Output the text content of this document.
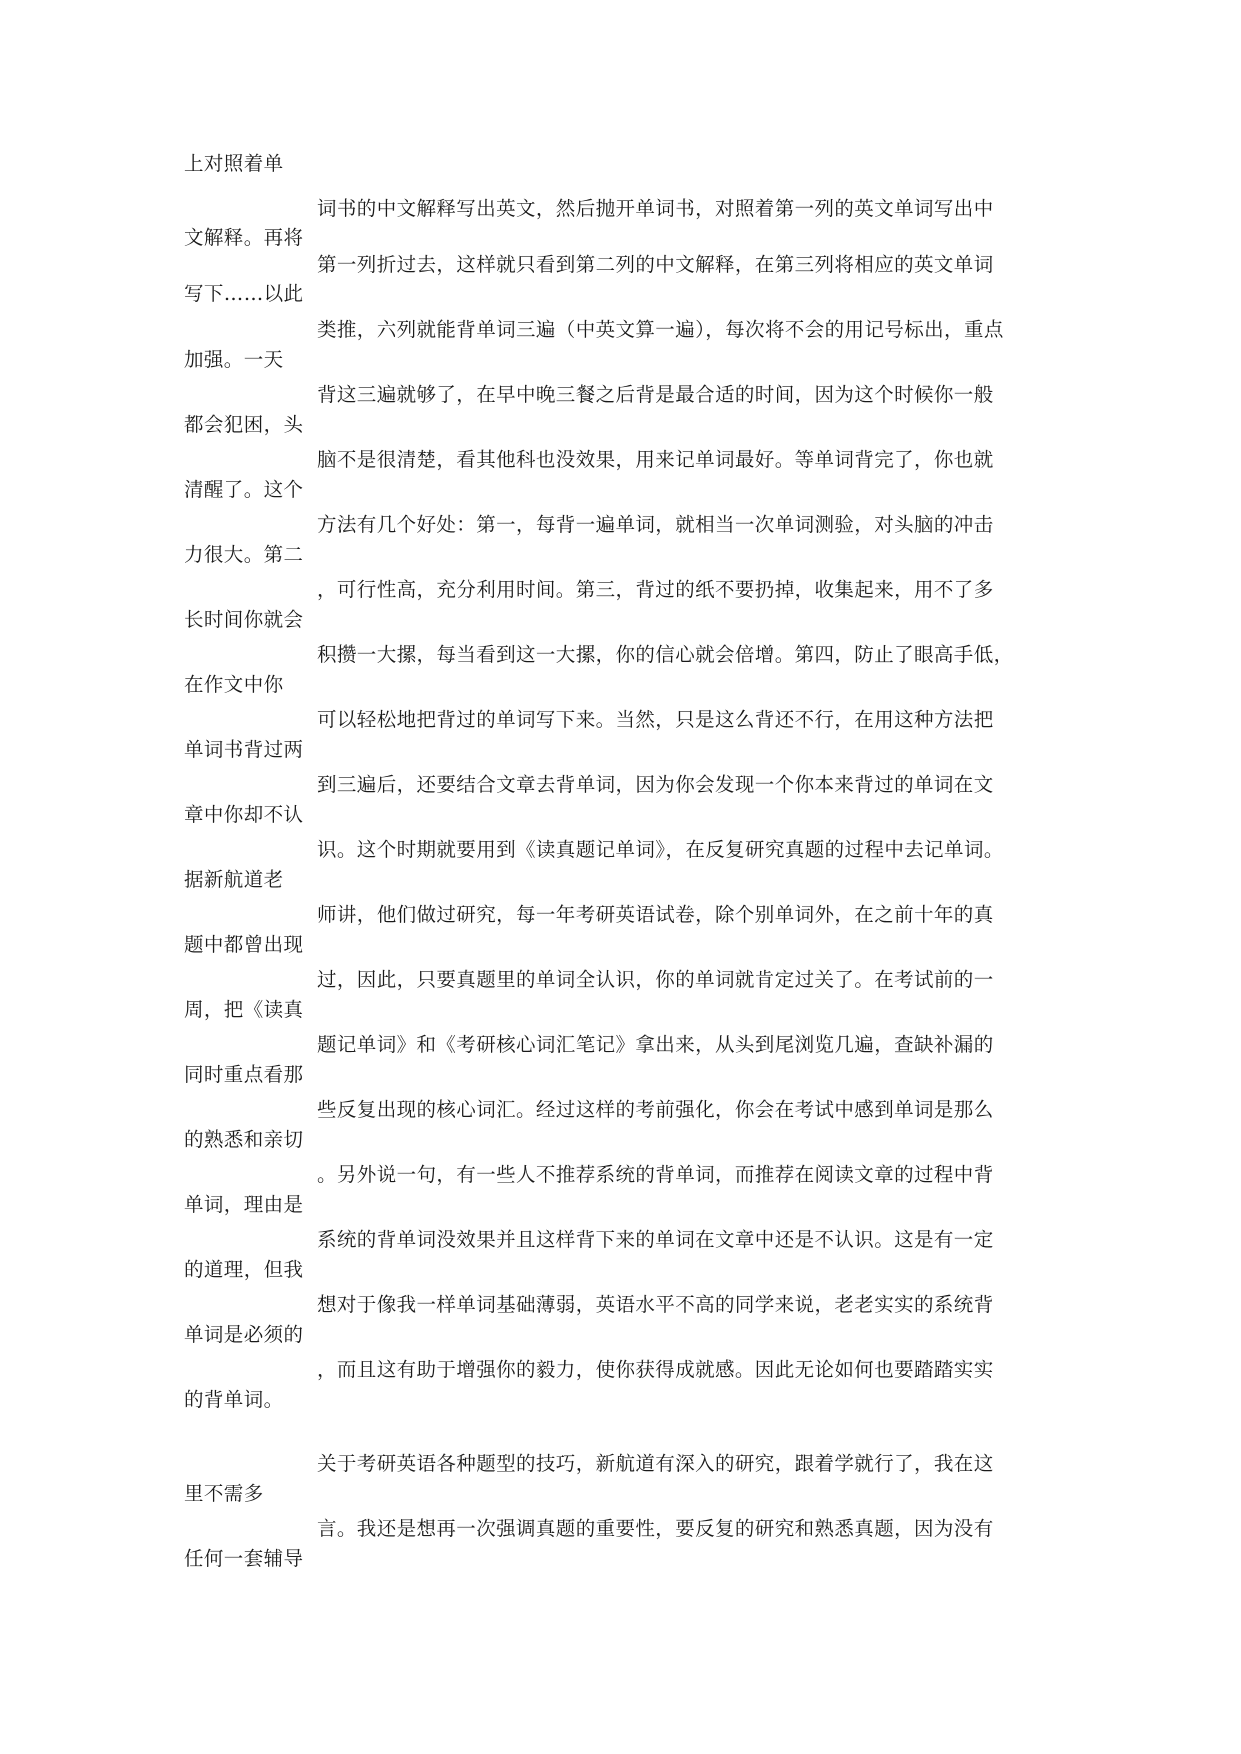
上对照着单
词书的中文解释写出英文，然后抛开单词书，对照着第一列的英文单词写出中
文解释。再将
第一列折过去，这样就只看到第二列的中文解释，在第三列将相应的英文单词
写下……以此
类推，六列就能背单词三遍（中英文算一遍），每次将不会的用记号标出，重点
加强。一天
背这三遍就够了，在早中晚三餐之后背是最合适的时间，因为这个时候你一般
都会犯困，头
脑不是很清楚，看其他科也没效果，用来记单词最好。等单词背完了，你也就
清醒了。这个
方法有几个好处：第一，每背一遍单词，就相当一次单词测验，对头脑的冲击
力很大。第二
，可行性高，充分利用时间。第三，背过的纸不要扔掉，收集起来，用不了多
长时间你就会
积攒一大摞，每当看到这一大摞，你的信心就会倍增。第四，防止了眼高手低，
在作文中你
可以轻松地把背过的单词写下来。当然，只是这么背还不行，在用这种方法把
单词书背过两
到三遍后，还要结合文章去背单词，因为你会发现一个你本来背过的单词在文
章中你却不认
识。这个时期就要用到《读真题记单词》，在反复研究真题的过程中去记单词。
据新航道老
师讲，他们做过研究，每一年考研英语试卷，除个别单词外，在之前十年的真
题中都曾出现
过，因此，只要真题里的单词全认识，你的单词就肯定过关了。在考试前的一
周，把《读真
题记单词》和《考研核心词汇笔记》拿出来，从头到尾浏览几遍，查缺补漏的
同时重点看那
些反复出现的核心词汇。经过这样的考前强化，你会在考试中感到单词是那么
的熟悉和亲切
。另外说一句，有一些人不推荐系统的背单词，而推荐在阅读文章的过程中背
单词，理由是
系统的背单词没效果并且这样背下来的单词在文章中还是不认识。这是有一定
的道理，但我
想对于像我一样单词基础薄弱，英语水平不高的同学来说，老老实实的系统背
单词是必须的
，而且这有助于增强你的毅力，使你获得成就感。因此无论如何也要踏踏实实
的背单词。
关于考研英语各种题型的技巧，新航道有深入的研究，跟着学就行了，我在这
里不需多
言。我还是想再一次强调真题的重要性，要反复的研究和熟悉真题，因为没有
任何一套辅导
